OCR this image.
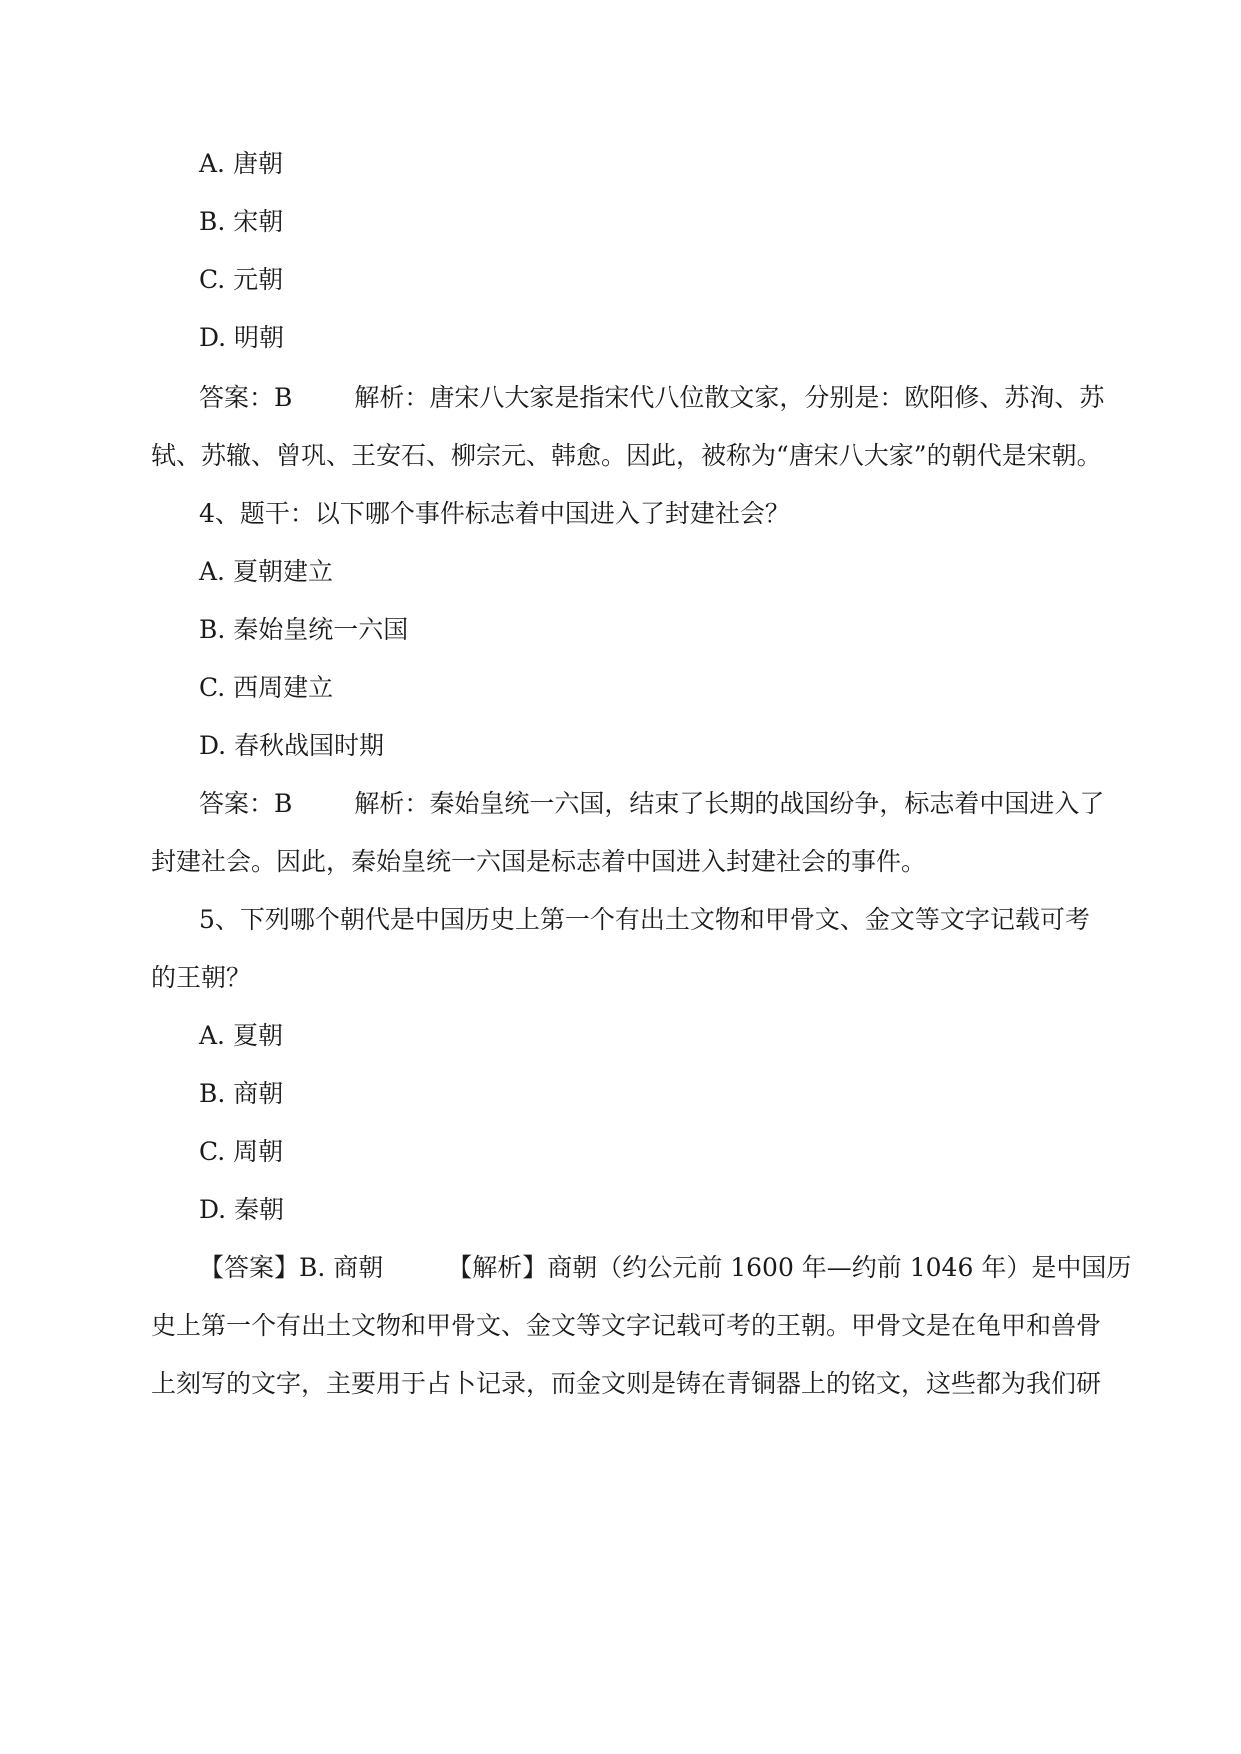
A. 唐朝
B. 宋朝
C. 元朝
D. 明朝
答案：B 解析：唐宋八大家是指宋代八位散文家，分别是：欧阳修、苏洵、苏
轼、苏辙、曾巩、王安石、柳宗元、韩愈。因此，被称为“唐宋八大家”的朝代是宋朝。
4、题干：以下哪个事件标志着中国进入了封建社会？
A. 夏朝建立
B. 秦始皇统一六国
C. 西周建立
D. 春秋战国时期
答案：B 解析：秦始皇统一六国，结束了长期的战国纷争，标志着中国进入了
封建社会。因此，秦始皇统一六国是标志着中国进入封建社会的事件。
5、下列哪个朝代是中国历史上第一个有出土文物和甲骨文、金文等文字记载可考
的王朝？
A. 夏朝
B. 商朝
C. 周朝
D. 秦朝
【答案】B. 商朝	【解析】商朝（约公元前 1600 年—约前 1046 年）是中国历
史上第一个有出土文物和甲骨文、金文等文字记载可考的王朝。甲骨文是在龟甲和兽骨
上刻写的文字，主要用于占卜记录，而金文则是铸在青铜器上的铭文，这些都为我们研
